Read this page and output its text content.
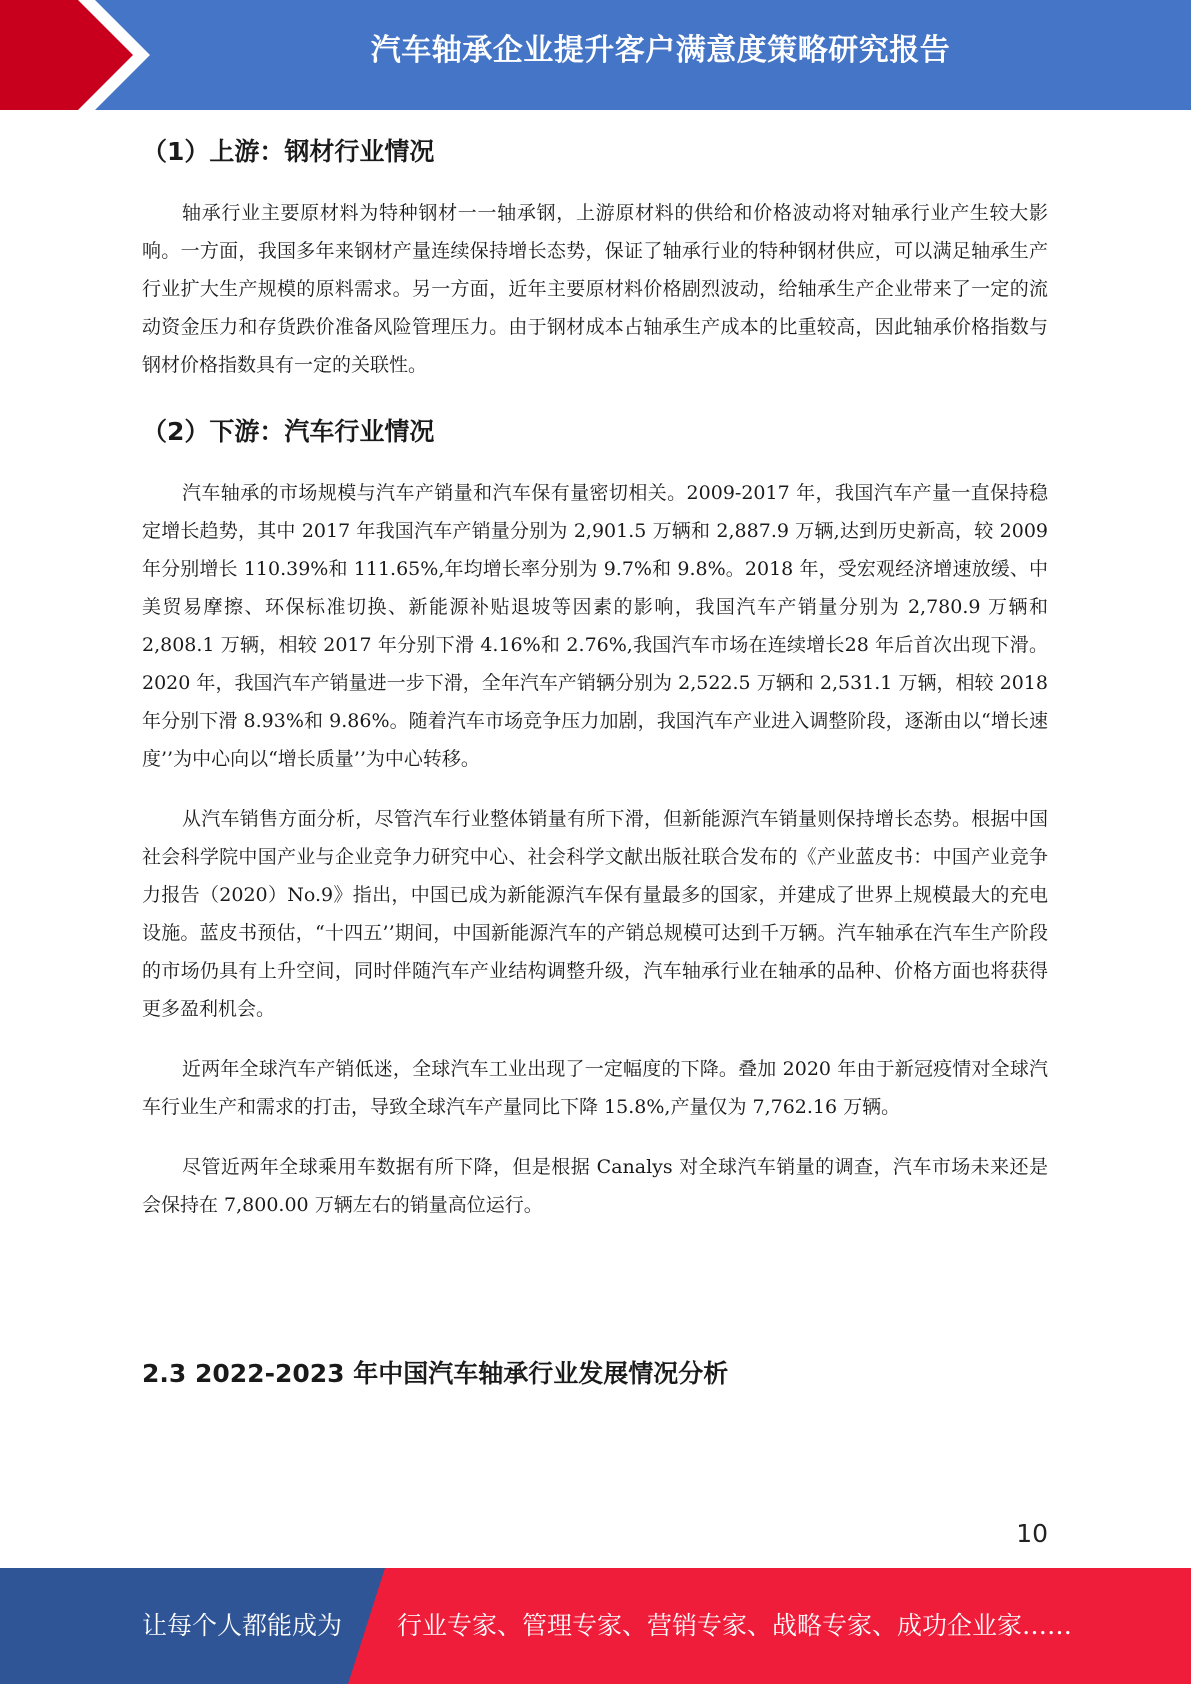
汽车轴承企业提升客户满意度策略研究报告
（1）上游：钢材行业情况

轴承行业主要原材料为特种钢材一一轴承钢，上游原材料的供给和价格波动将对轴承行业产生较大影响。一方面，我国多年来钢材产量连续保持增长态势，保证了轴承行业的特种钢材供应，可以满足轴承生产行业扩大生产规模的原料需求。另一方面，近年主要原材料价格剧烈波动，给轴承生产企业带来了一定的流动资金压力和存货跌价准备风险管理压力。由于钢材成本占轴承生产成本的比重较高，因此轴承价格指数与钢材价格指数具有一定的关联性。

（2）下游：汽车行业情况

汽车轴承的市场规模与汽车产销量和汽车保有量密切相关。2009-2017 年，我国汽车产量一直保持稳定增长趋势，其中 2017 年我国汽车产销量分别为 2,901.5 万辆和 2,887.9 万辆,达到历史新高，较 2009 年分别增长 110.39%和 111.65%,年均增长率分别为 9.7%和 9.8%。2018 年，受宏观经济增速放缓、中美贸易摩擦、环保标准切换、新能源补贴退坡等因素的影响，我国汽车产销量分别为 2,780.9 万辆和 2,808.1 万辆，相较 2017 年分别下滑 4.16%和 2.76%,我国汽车市场在连续增长28 年后首次出现下滑。2020 年，我国汽车产销量进一步下滑，全年汽车产销辆分别为 2,522.5 万辆和 2,531.1 万辆，相较 2018 年分别下滑 8.93%和 9.86%。随着汽车市场竞争压力加剧，我国汽车产业进入调整阶段，逐渐由以“增长速度’’为中心向以“增长质量’’为中心转移。

从汽车销售方面分析，尽管汽车行业整体销量有所下滑，但新能源汽车销量则保持增长态势。根据中国社会科学院中国产业与企业竞争力研究中心、社会科学文献出版社联合发布的《产业蓝皮书：中国产业竞争力报告（2020）No.9》指出，中国已成为新能源汽车保有量最多的国家，并建成了世界上规模最大的充电设施。蓝皮书预估，“十四五’’期间，中国新能源汽车的产销总规模可达到千万辆。汽车轴承在汽车生产阶段的市场仍具有上升空间，同时伴随汽车产业结构调整升级，汽车轴承行业在轴承的品种、价格方面也将获得更多盈利机会。

近两年全球汽车产销低迷，全球汽车工业出现了一定幅度的下降。叠加 2020 年由于新冠疫情对全球汽车行业生产和需求的打击，导致全球汽车产量同比下降 15.8%,产量仅为 7,762.16 万辆。

尽管近两年全球乘用车数据有所下降，但是根据 Canalys 对全球汽车销量的调查，汽车市场未来还是会保持在 7,800.00 万辆左右的销量高位运行。

2.3 2022-2023 年中国汽车轴承行业发展情况分析
10
让每个人都能成为 行业专家、管理专家、营销专家、战略专家、成功企业家……
